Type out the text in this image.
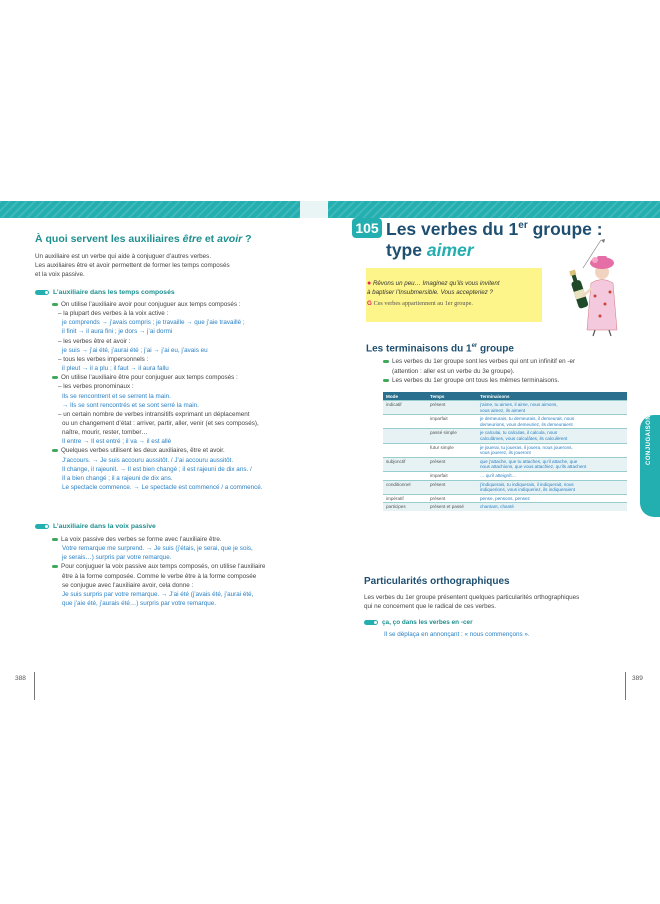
À quoi servent les auxiliaires être et avoir ?
Un auxiliaire est un verbe qui aide à conjuguer d’autres verbes.
Les auxiliaires être et avoir permettent de former les temps composés
et la voix passive.
L’auxiliaire dans les temps composés
On utilise l’auxiliaire avoir pour conjuguer aux temps composés :
– la plupart des verbes à la voix active :
je comprends → j’avais compris ; je travaille → que j’aie travaillé ;
il finit → il aura fini ; je dors → j’ai dormi
– les verbes être et avoir :
je suis → j’ai été, j’aurai été ; j’ai → j’ai eu, j’avais eu
– tous les verbes impersonnels :
il pleut → il a plu ; il faut → il aura fallu
On utilise l’auxiliaire être pour conjuguer aux temps composés :
– les verbes pronominaux :
Ils se rencontrent et se serrent la main.
→ Ils se sont rencontrés et se sont serré la main.
– un certain nombre de verbes intransitifs exprimant un déplacement
ou un changement d’état : arriver, partir, aller, venir (et ses composés),
naître, mourir, rester, tomber…
Il entre → Il est entré ; il va → il est allé
Quelques verbes utilisent les deux auxiliaires, être et avoir.
J’accours. → Je suis accouru aussitôt. / J’ai accouru aussitôt.
Il change, il rajeunit. → Il est bien changé ; il est rajeuni de dix ans. /
Il a bien changé ; il a rajeuni de dix ans.
Le spectacle commence. → Le spectacle est commencé / a commencé.
L’auxiliaire dans la voix passive
La voix passive des verbes se forme avec l’auxiliaire être.
Votre remarque me surprend. → Je suis (j’étais, je serai, que je sois,
je serais…) surpris par votre remarque.
Pour conjuguer la voix passive aux temps composés, on utilise l’auxiliaire
être à la forme composée. Comme le verbe être à la forme composée
se conjugue avec l’auxiliaire avoir, cela donne :
Je suis surpris par votre remarque. → J’ai été (j’avais été, j’aurai été,
que j’aie été, j’aurais été…) surpris par votre remarque.
388
105 Les verbes du 1er groupe :
type aimer
● Rêvons un peu… Imaginez qu’ils vous invitent
à baptiser l’Insubmersible. Vous accepteriez ?
G Ces verbes appartiennent au 1er groupe.
Les terminaisons du 1er groupe
Les verbes du 1er groupe sont les verbes qui ont un infinitif en -er
(attention : aller est un verbe du 3e groupe).
Les verbes du 1er groupe ont tous les mêmes terminaisons.
Mode	Temps	Terminaisons
indicatif	présent	j’aime, tu aimes, il aime, nous aimons,
vous aimez, ils aiment

	imparfait	je demeurais, tu demeurais, il demeurait, nous
demeurions, vous demeuriez, ils demeuraient

	passé simple	je calculai, tu calculas, il calcula, nous
calculâmes, vous calculâtes, ils calculèrent

	futur simple	je jouerai, tu joueras, il jouera, nous jouerons,
vous jouerez, ils joueront

subjonctif	présent	que j’attache, que tu attaches, qu’il attache, que
nous attachions, que vous attachiez, qu’ils attachent

	imparfait	… qu’il atteignît…

conditionnel	présent	j’indiquerais, tu indiquerais, il indiquerait, nous
indiquerions, vous indiqueriez, ils indiqueraient

impératif	présent	pense, pensons, pensez

participes	présent et passé	chantant, chanté
CONJUGAISON
Particularités orthographiques
Les verbes du 1er groupe présentent quelques particularités orthographiques
qui ne concernent que le radical de ces verbes.
ça, ço dans les verbes en -cer
Il se déplaça en annonçant : « nous commençons ».
389
